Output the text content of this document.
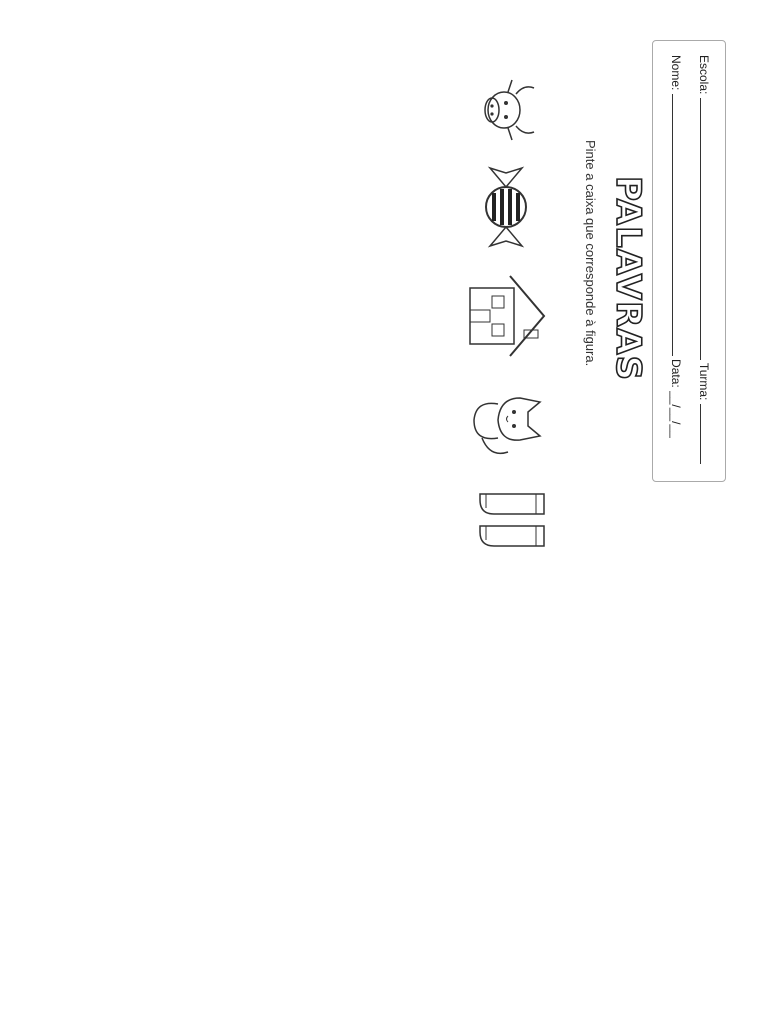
Escola:  Turma:
Nome:  Data: __/__/__
PALAVRAS
Pinte a caixa que corresponde à figura.
